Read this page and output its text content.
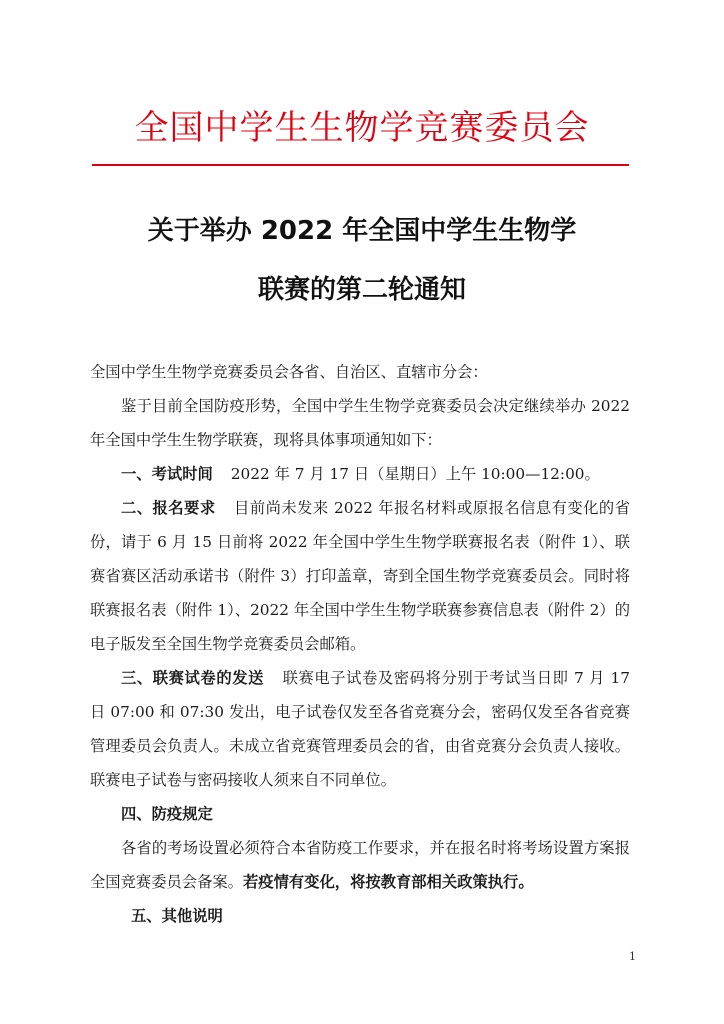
全国中学生生物学竞赛委员会
关于举办 2022 年全国中学生生物学
联赛的第二轮通知

全国中学生生物学竞赛委员会各省、自治区、直辖市分会：

鉴于目前全国防疫形势，全国中学生生物学竞赛委员会决定继续举办 2022 年全国中学生生物学联赛，现将具体事项通知如下：

一、考试时间 2022 年 7 月 17 日（星期日）上午 10:00—12:00。

二、报名要求 目前尚未发来 2022 年报名材料或原报名信息有变化的省份，请于 6 月 15 日前将 2022 年全国中学生生物学联赛报名表（附件 1）、联赛省赛区活动承诺书（附件 3）打印盖章，寄到全国生物学竞赛委员会。同时将联赛报名表（附件 1）、2022 年全国中学生生物学联赛参赛信息表（附件 2）的电子版发至全国生物学竞赛委员会邮箱。

三、联赛试卷的发送 联赛电子试卷及密码将分别于考试当日即 7 月 17 日 07:00 和 07:30 发出，电子试卷仅发至各省竞赛分会，密码仅发至各省竞赛管理委员会负责人。未成立省竞赛管理委员会的省，由省竞赛分会负责人接收。联赛电子试卷与密码接收人须来自不同单位。

四、防疫规定

各省的考场设置必须符合本省防疫工作要求，并在报名时将考场设置方案报全国竞赛委员会备案。若疫情有变化，将按教育部相关政策执行。

五、其他说明

1
